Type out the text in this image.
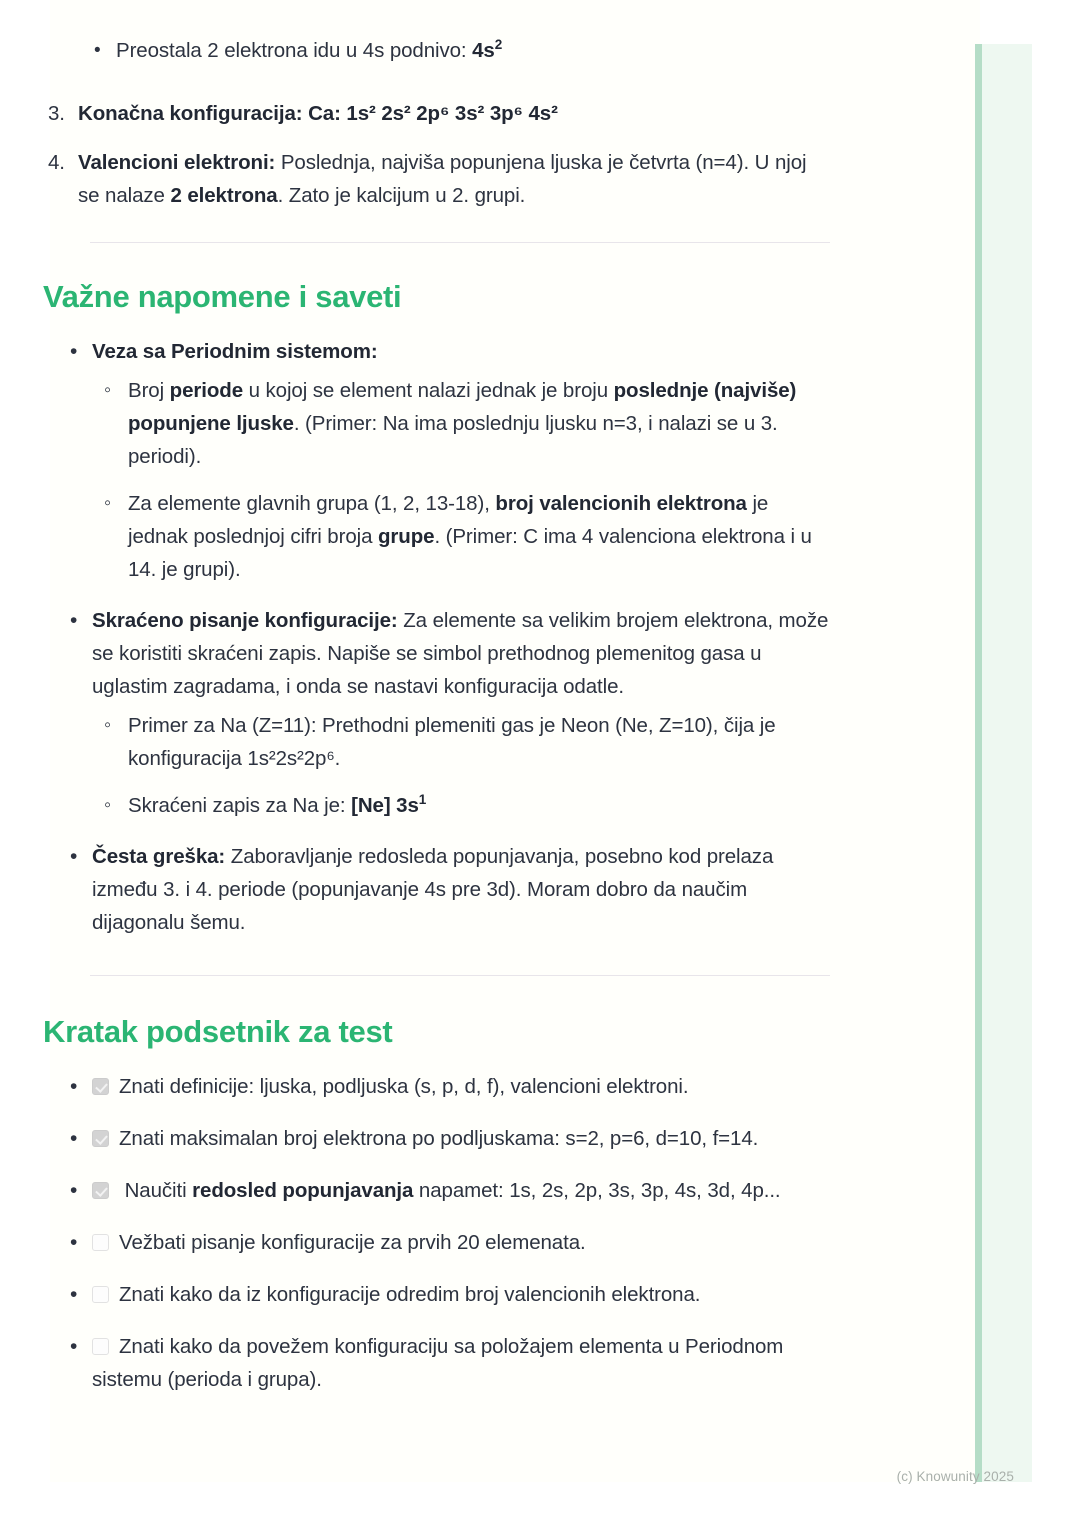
• Preostala 2 elektrona idu u 4s podnivo: $4s^2$
3. Konačna konfiguracija: Ca: 1s² 2s² 2p⁶ 3s² 3p⁶ 4s²
4. Valencioni elektroni: Poslednja, najviša popunjena ljuska je četvrta (n=4). U njoj se nalaze 2 elektrona. Zato je kalcijum u 2. grupi.
Važne napomene i saveti
• Veza sa Periodnim sistemom:
◦ Broj periode u kojoj se element nalazi jednak je broju poslednje (najviše) popunjene ljuske. (Primer: Na ima poslednju ljusku n=3, i nalazi se u 3. periodi).
◦ Za elemente glavnih grupa (1, 2, 13-18), broj valencionih elektrona je jednak poslednjoj cifri broja grupe. (Primer: C ima 4 valenciona elektrona i u 14. je grupi).
• Skraćeno pisanje konfiguracije: Za elemente sa velikim brojem elektrona, može se koristiti skraćeni zapis. Napiše se simbol prethodnog plemenitog gasa u uglastim zagradama, i onda se nastavi konfiguracija odatle.
◦ Primer za Na (Z=11): Prethodni plemeniti gas je Neon (Ne, Z=10), čija je konfiguracija 1s²2s²2p⁶.
◦ Skraćeni zapis za Na je: [Ne] $3s^1$
• Česta greška: Zaboravljanje redosleda popunjavanja, posebno kod prelaza između 3. i 4. periode (popunjavanje 4s pre 3d). Moram dobro da naučim dijagonalu šemu.
Kratak podsetnik za test
• Znati definicije: ljuska, podljuska (s, p, d, f), valencioni elektroni.
• Znati maksimalan broj elektrona po podljuskama: s=2, p=6, d=10, f=14.
• Naučiti redosled popunjavanja napamet: 1s, 2s, 2p, 3s, 3p, 4s, 3d, 4p...
• Vežbati pisanje konfiguracije za prvih 20 elemenata.
• Znati kako da iz konfiguracije odredim broj valencionih elektrona.
• Znati kako da povežem konfiguraciju sa položajem elementa u Periodnom sistemu (perioda i grupa).
(c) Knowunity 2025
